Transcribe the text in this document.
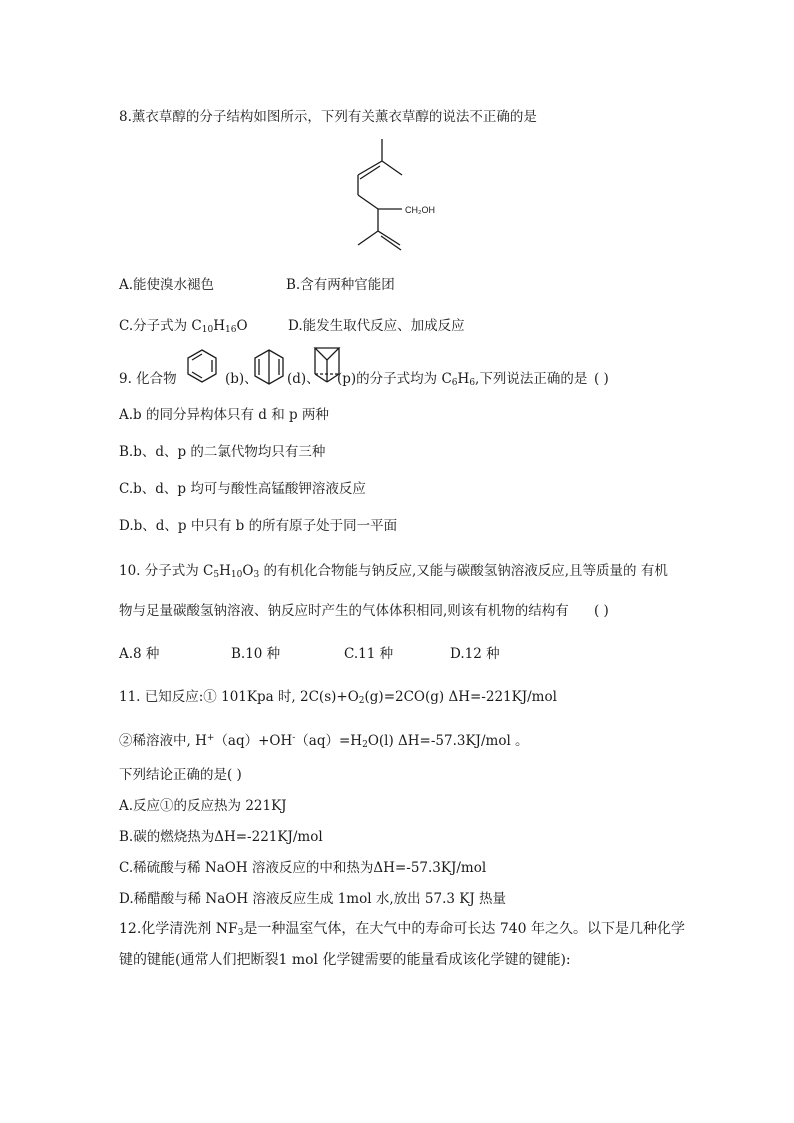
8.薰衣草醇的分子结构如图所示，下列有关薰衣草醇的说法不正确的是
CH₂OH
A.能使溴水褪色	B.含有两种官能团
C.分子式为 $C_{10}H_{16}O$	D.能发生取代反应、加成反应
9. 化合物	(b)、 (d)、 (p)的分子式均为 $C_6H_6$,下列说法正确的是 ( )
A.b 的同分异构体只有 d 和 p 两种
B.b、d、p 的二氯代物均只有三种
C.b、d、p 均可与酸性高锰酸钾溶液反应
D.b、d、p 中只有 b 的所有原子处于同一平面
10. 分子式为 $C_5H_{10}O_3$ 的有机化合物能与钠反应,又能与碳酸氢钠溶液反应,且等质量的 有机
物与足量碳酸氢钠溶液、钠反应时产生的气体体积相同,则该有机物的结构有 ( )
A.8 种	B.10 种	C.11 种	D.12 种
11. 已知反应:① 101Kpa 时, $2C(s)+O_2(g)=2CO(g)$ ΔH=-221KJ/mol
②稀溶液中, $H^+(aq)+OH^-(aq)=H_2O(l)$ ΔH=-57.3KJ/mol 。
下列结论正确的是( )
A.反应①的反应热为 221KJ
B.碳的燃烧热为ΔH=-221KJ/mol
C.稀硫酸与稀 NaOH 溶液反应的中和热为ΔH=-57.3KJ/mol
D.稀醋酸与稀 NaOH 溶液反应生成 1mol 水,放出 57.3 KJ 热量
12.化学清洗剂 $NF_3$是一种温室气体，在大气中的寿命可长达 740 年之久。以下是几种化学
键的键能(通常人们把断裂1 mol 化学键需要的能量看成该化学键的键能):
